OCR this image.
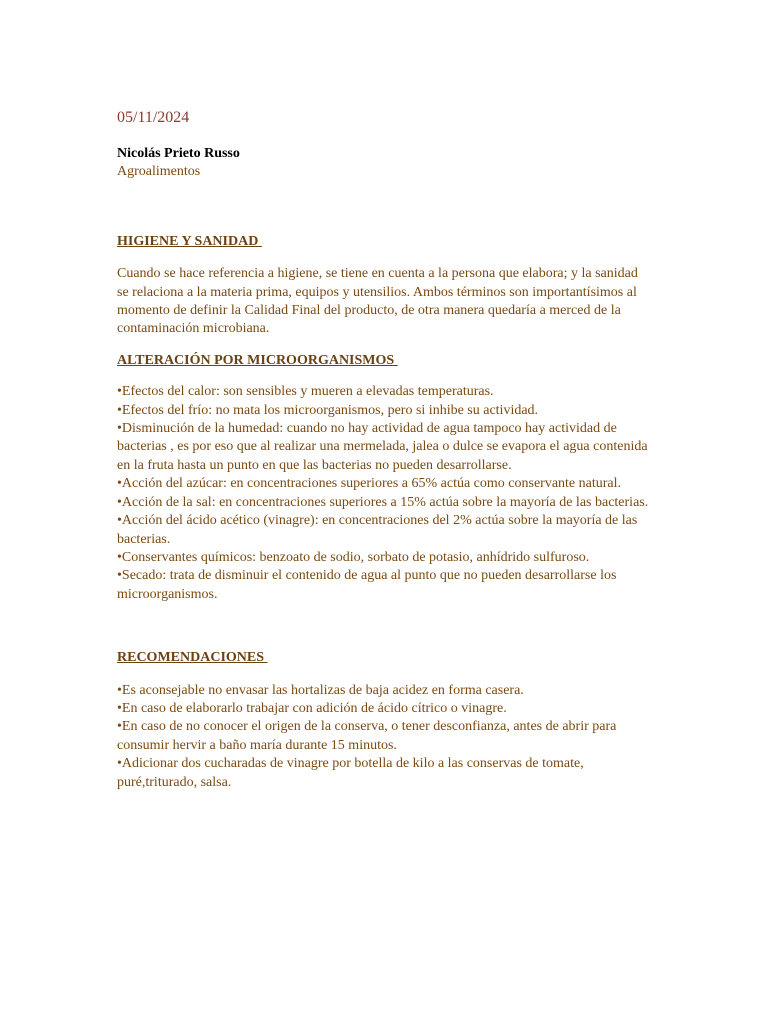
05/11/2024

Nicolás Prieto Russo

Agroalimentos

HIGIENE Y SANIDAD

Cuando se hace referencia a higiene, se tiene en cuenta a la persona que elabora; y la sanidad se relaciona a la materia prima, equipos y utensilios. Ambos términos son importantísimos al momento de definir la Calidad Final del producto, de otra manera quedaría a merced de la contaminación microbiana.

ALTERACIÓN POR MICROORGANISMOS

•Efectos del calor: son sensibles y mueren a elevadas temperaturas.
•Efectos del frío: no mata los microorganismos, pero si inhibe su actividad.
•Disminución de la humedad: cuando no hay actividad de agua tampoco hay actividad de bacterias , es por eso que al realizar una mermelada, jalea o dulce se evapora el agua contenida en la fruta hasta un punto en que las bacterias no pueden desarrollarse.
•Acción del azúcar: en concentraciones superiores a 65% actúa como conservante natural.
•Acción de la sal: en concentraciones superiores a 15% actúa sobre la mayoría de las bacterias.
•Acción del ácido acético (vinagre): en concentraciones del 2% actúa sobre la mayoría de las bacterias.
•Conservantes químicos: benzoato de sodio, sorbato de potasio, anhídrido sulfuroso.
•Secado: trata de disminuir el contenido de agua al punto que no pueden desarrollarse los microorganismos.

RECOMENDACIONES

•Es aconsejable no envasar las hortalizas de baja acidez en forma casera.
•En caso de elaborarlo trabajar con adición de ácido cítrico o vinagre.
•En caso de no conocer el origen de la conserva, o tener desconfianza, antes de abrir para consumir hervir a baño maría durante 15 minutos.
•Adicionar dos cucharadas de vinagre por botella de kilo a las conservas de tomate, puré,triturado, salsa.
